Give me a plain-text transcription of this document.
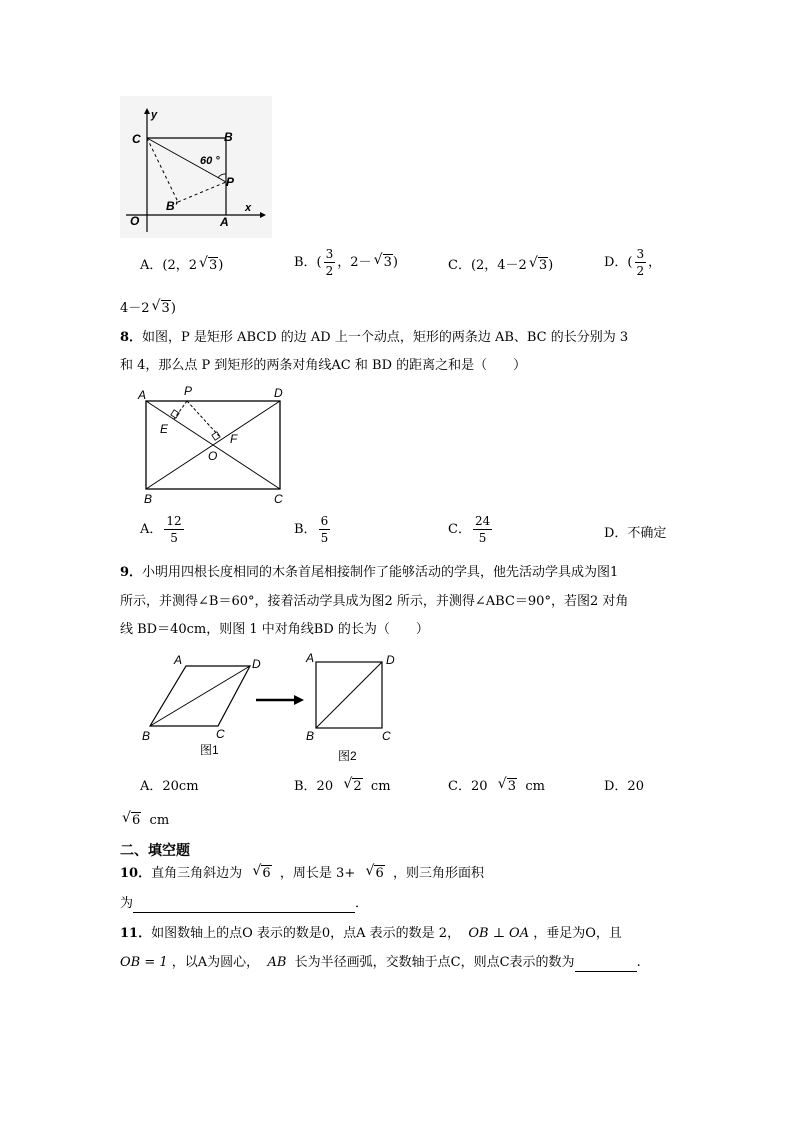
C
y
B
60 °
P
B'
O	A
x
A．(2，2 √ 3)	B．( $\frac{3}{2}$ ，2－ √ 3)	C．(2，4－2 √ 3)	D．( $\frac{3}{2}$ ，
4－2 √ 3)
8．如图，P 是矩形 ABCD 的边 AD 上一个动点，矩形的两条边 AB、BC 的长分别为 3
和 4，那么点 P 到矩形的两条对角线AC 和 BD 的距离之和是（　　）
A	P	D
E
F
O
B	C
A． $\frac{12}{5}$	B． $\frac{6}{5}$	C． $\frac{24}{5}$	D．不确定
9．小明用四根长度相同的木条首尾相接制作了能够活动的学具，他先活动学具成为图1
所示，并测得∠B＝60°，接着活动学具成为图2 所示，并测得∠ABC＝90°，若图2 对角
线 BD＝40cm，则图 1 中对角线BD 的长为（　　）
A	D
B	C
图1
A	D
B	C
图2
A．20cm	B．20 √ 2 cm	C．20 √ 3 cm	D．20
√ 6 cm
二、填空题
10．直角三角斜边为 √ 6 ，周长是 3+ √ 6 ，则三角形面积
为	．
11．如图数轴上的点O 表示的数是0，点A 表示的数是 2， OB ⊥ OA ，垂足为O，且
OB = 1 ，以A为圆心， AB 长为半径画弧，交数轴于点C，则点C表示的数为	.
